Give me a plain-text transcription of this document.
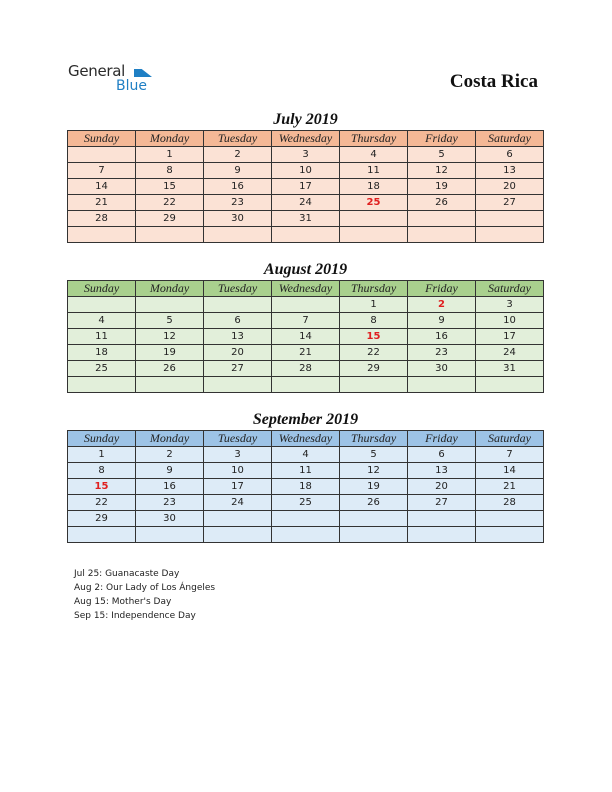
General
Blue	Costa Rica
July 2019
Sunday	Monday	Tuesday	Wednesday	Thursday	Friday	Saturday
	1	2	3	4	5	6
7	8	9	10	11	12	13
14	15	16	17	18	19	20
21	22	23	24	25	26	27
28	29	30	31			

August 2019
Sunday	Monday	Tuesday	Wednesday	Thursday	Friday	Saturday
				1	2	3
4	5	6	7	8	9	10
11	12	13	14	15	16	17
18	19	20	21	22	23	24
25	26	27	28	29	30	31

September 2019
Sunday	Monday	Tuesday	Wednesday	Thursday	Friday	Saturday
1	2	3	4	5	6	7
8	9	10	11	12	13	14
15	16	17	18	19	20	21
22	23	24	25	26	27	28
29	30					

Jul 25: Guanacaste Day
Aug 2: Our Lady of Los Ángeles
Aug 15: Mother's Day
Sep 15: Independence Day
